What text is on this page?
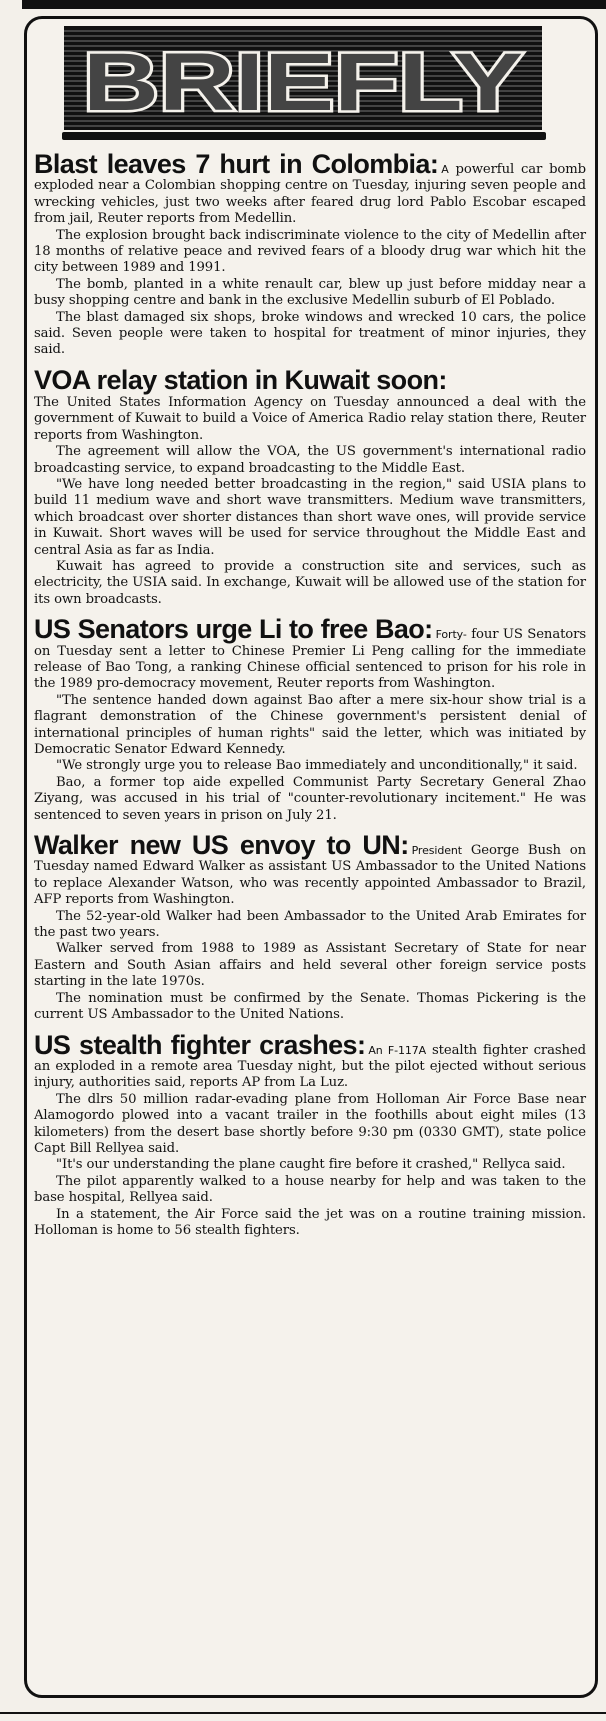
BRIEFLY

Blast leaves 7 hurt in Colombia: A powerful car bomb exploded near a Colombian shopping centre on Tuesday, injuring seven people and wrecking vehicles, just two weeks after feared drug lord Pablo Escobar escaped from jail, Reuter reports from Medellin.

The explosion brought back indiscriminate violence to the city of Medellin after 18 months of relative peace and revived fears of a bloody drug war which hit the city between 1989 and 1991.

The bomb, planted in a white renault car, blew up just before midday near a busy shopping centre and bank in the exclusive Medellin suburb of El Poblado.

The blast damaged six shops, broke windows and wrecked 10 cars, the police said. Seven people were taken to hospital for treatment of minor injuries, they said.

VOA relay station in Kuwait soon:

The United States Information Agency on Tuesday announced a deal with the government of Kuwait to build a Voice of America Radio relay station there, Reuter reports from Washington.

The agreement will allow the VOA, the US government's international radio broadcasting service, to expand broadcasting to the Middle East.

"We have long needed better broadcasting in the region," said USIA plans to build 11 medium wave and short wave transmitters. Medium wave transmitters, which broadcast over shorter distances than short wave ones, will provide service in Kuwait. Short waves will be used for service throughout the Middle East and central Asia as far as India.

Kuwait has agreed to provide a construction site and services, such as electricity, the USIA said. In exchange, Kuwait will be allowed use of the station for its own broadcasts.

US Senators urge Li to free Bao: Forty- four US Senators on Tuesday sent a letter to Chinese Premier Li Peng calling for the immediate release of Bao Tong, a ranking Chinese official sentenced to prison for his role in the 1989 pro-democracy movement, Reuter reports from Washington.

"The sentence handed down against Bao after a mere six-hour show trial is a flagrant demonstration of the Chinese government's persistent denial of international principles of human rights" said the letter, which was initiated by Democratic Senator Edward Kennedy.

"We strongly urge you to release Bao immediately and unconditionally," it said.

Bao, a former top aide expelled Communist Party Secretary General Zhao Ziyang, was accused in his trial of "counter-revolutionary incitement." He was sentenced to seven years in prison on July 21.

Walker new US envoy to UN: President George Bush on Tuesday named Edward Walker as assistant US Ambassador to the United Nations to replace Alexander Watson, who was recently appointed Ambassador to Brazil, AFP reports from Washington.

The 52-year-old Walker had been Ambassador to the United Arab Emirates for the past two years.

Walker served from 1988 to 1989 as Assistant Secretary of State for near Eastern and South Asian affairs and held several other foreign service posts starting in the late 1970s.

The nomination must be confirmed by the Senate. Thomas Pickering is the current US Ambassador to the United Nations.

US stealth fighter crashes: An F-117A stealth fighter crashed an exploded in a remote area Tuesday night, but the pilot ejected without serious injury, authorities said, reports AP from La Luz.

The dlrs 50 million radar-evading plane from Holloman Air Force Base near Alamogordo plowed into a vacant trailer in the foothills about eight miles (13 kilometers) from the desert base shortly before 9:30 pm (0330 GMT), state police Capt Bill Rellyea said.

"It's our understanding the plane caught fire before it crashed," Rellyca said.

The pilot apparently walked to a house nearby for help and was taken to the base hospital, Rellyea said.

In a statement, the Air Force said the jet was on a routine training mission. Holloman is home to 56 stealth fighters.
